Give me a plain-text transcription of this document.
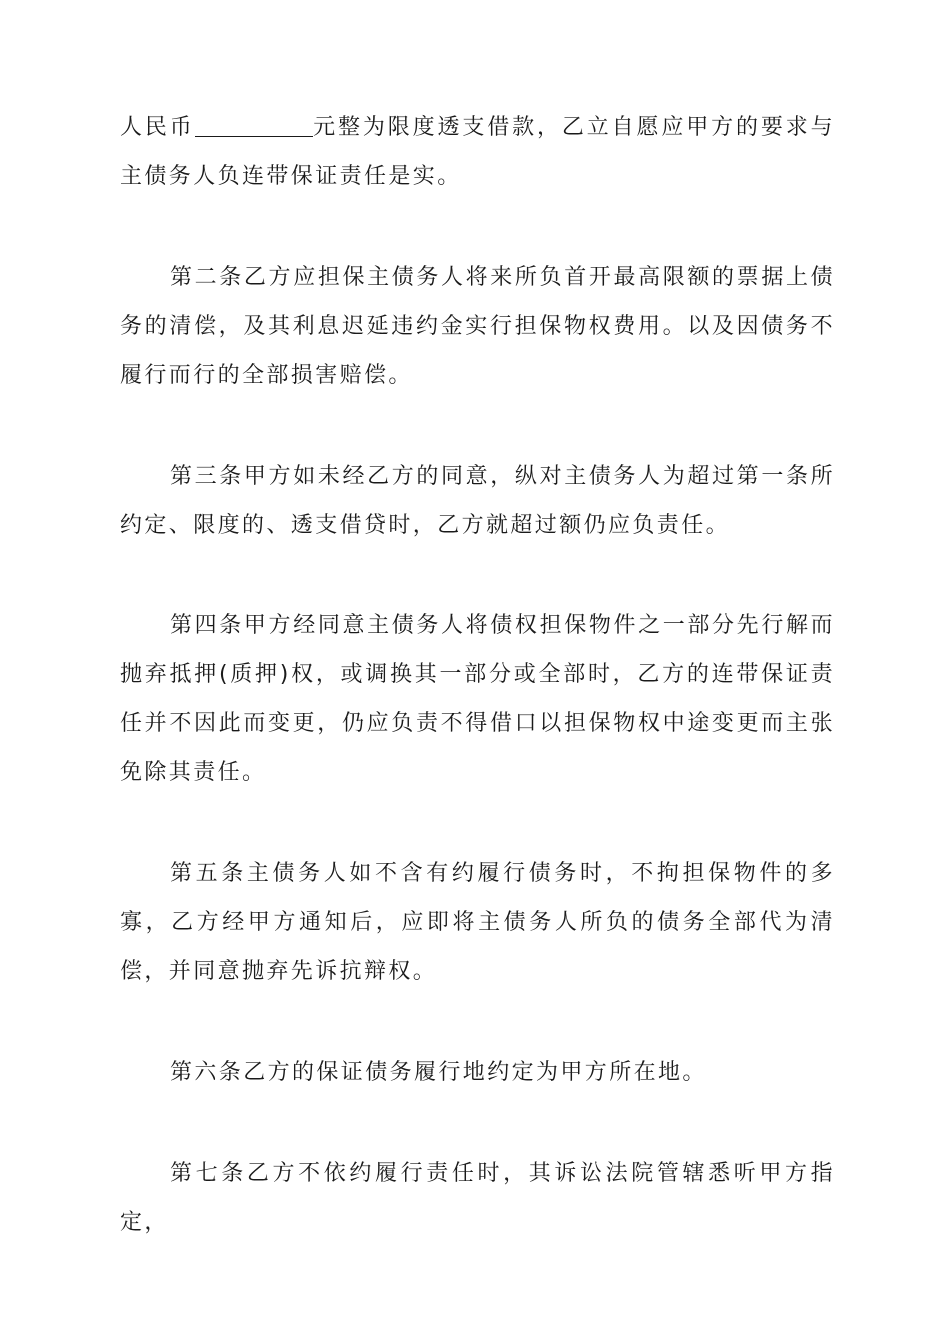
人民币	元整为限度透支借款，乙立自愿应甲方的要求与主债务人负连带保证责任是实。

第二条乙方应担保主债务人将来所负首开最高限额的票据上债务的清偿，及其利息迟延违约金实行担保物权费用。以及因债务不履行而行的全部损害赔偿。

第三条甲方如未经乙方的同意，纵对主债务人为超过第一条所约定、限度的、透支借贷时，乙方就超过额仍应负责任。

第四条甲方经同意主债务人将债权担保物件之一部分先行解而抛弃抵押(质押)权，或调换其一部分或全部时，乙方的连带保证责任并不因此而变更，仍应负责不得借口以担保物权中途变更而主张免除其责任。

第五条主债务人如不含有约履行债务时，不拘担保物件的多寡，乙方经甲方通知后，应即将主债务人所负的债务全部代为清偿，并同意抛弃先诉抗辩权。

第六条乙方的保证债务履行地约定为甲方所在地。

第七条乙方不依约履行责任时，其诉讼法院管辖悉听甲方指定，
